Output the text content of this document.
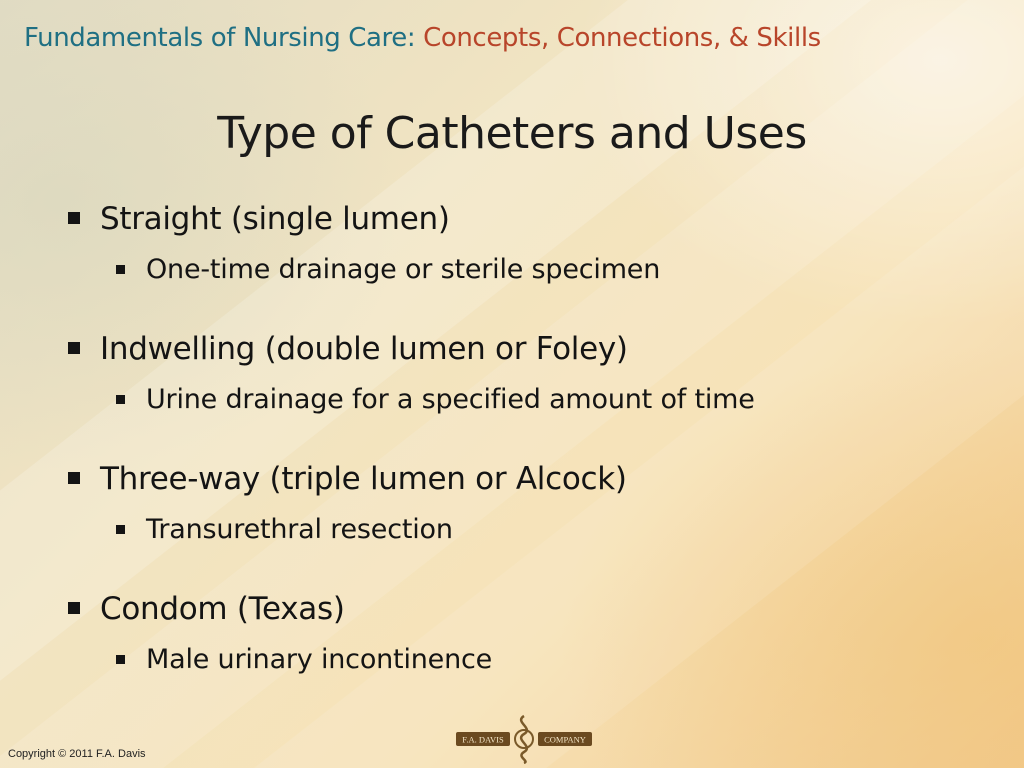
Fundamentals of Nursing Care: Concepts, Connections, & Skills
Type of Catheters and Uses
Straight (single lumen)
One-time drainage or sterile specimen
Indwelling (double lumen or Foley)
Urine drainage for a specified amount of time
Three-way (triple lumen or Alcock)
Transurethral resection
Condom (Texas)
Male urinary incontinence
F.A. DAVIS	COMPANY
Copyright © 2011 F.A. Davis
